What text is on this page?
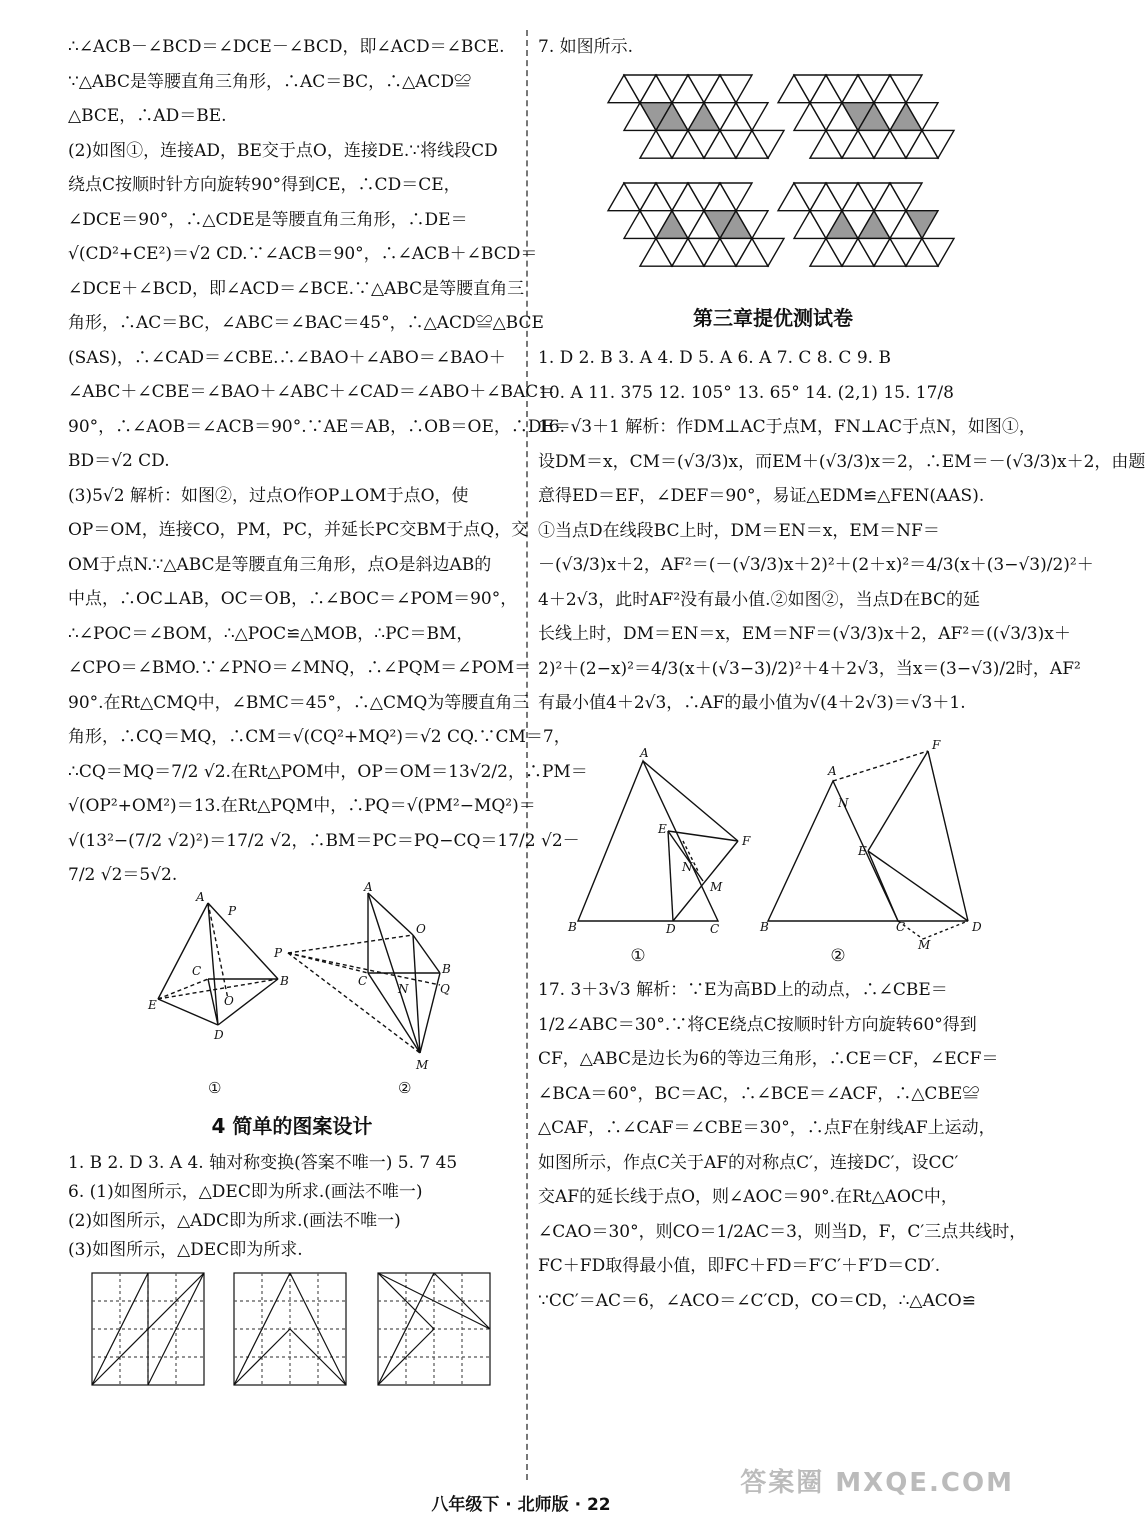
∴∠ACB－∠BCD＝∠DCE－∠BCD，即∠ACD＝∠BCE.
∵△ABC是等腰直角三角形，∴AC＝BC，∴△ACD≌
△BCE，∴AD＝BE.
(2)如图①，连接AD，BE交于点O，连接DE.∵将线段CD
绕点C按顺时针方向旋转90°得到CE，∴CD＝CE，
∠DCE＝90°，∴△CDE是等腰直角三角形，∴DE＝
√(CD²+CE²)＝√2 CD.∵∠ACB＝90°，∴∠ACB＋∠BCD＝
∠DCE＋∠BCD，即∠ACD＝∠BCE.∵△ABC是等腰直角三
角形，∴AC＝BC，∠ABC＝∠BAC＝45°，∴△ACD≌△BCE
(SAS)，∴∠CAD＝∠CBE.∴∠BAO＋∠ABO＝∠BAO＋
∠ABC＋∠CBE＝∠BAO＋∠ABC＋∠CAD＝∠ABO＋∠BAC＝
90°，∴∠AOB＝∠ACB＝90°.∵AE＝AB，∴OB＝OE，∴DE＝
BD＝√2 CD.
(3)5√2 解析：如图②，过点O作OP⊥OM于点O，使
OP＝OM，连接CO，PM，PC，并延长PC交BM于点Q，交
OM于点N.∵△ABC是等腰直角三角形，点O是斜边AB的
中点，∴OC⊥AB，OC＝OB，∴∠BOC＝∠POM＝90°，
∴∠POC＝∠BOM，∴△POC≌△MOB，∴PC＝BM，
∠CPO＝∠BMO.∵∠PNO＝∠MNQ，∴∠PQM＝∠POM＝
90°.在Rt△CMQ中，∠BMC＝45°，∴△CMQ为等腰直角三
角形，∴CQ＝MQ，∴CM＝√(CQ²+MQ²)＝√2 CQ.∵CM＝7，
∴CQ＝MQ＝7/2 √2.在Rt△POM中，OP＝OM＝13√2/2，∴PM＝
√(OP²+OM²)＝13.在Rt△PQM中，∴PQ＝√(PM²−MQ²)＝
√(13²−(7/2 √2)²)＝17/2 √2，∴BM＝PC＝PQ−CQ＝17/2 √2－
7/2 √2＝5√2.
A
P
B
C
E	O
D
A
O
P
B
Q
C
N
M
①	②
4 简单的图案设计
1. B 2. D 3. A 4. 轴对称变换(答案不唯一) 5. 7 45
6. (1)如图所示，△DEC即为所求.(画法不唯一)
(2)如图所示，△ADC即为所求.(画法不唯一)
(3)如图所示，△DEC即为所求.
7. 如图所示.
第三章提优测试卷
1. D 2. B 3. A 4. D 5. A 6. A 7. C 8. C 9. B
10. A 11. 375 12. 105° 13. 65° 14. (2,1) 15. 17/8
16. √3＋1 解析：作DM⊥AC于点M，FN⊥AC于点N，如图①，
设DM＝x，CM＝(√3/3)x，而EM＋(√3/3)x＝2，∴EM＝－(√3/3)x＋2，由题
意得ED＝EF，∠DEF＝90°，易证△EDM≌△FEN(AAS).
①当点D在线段BC上时，DM＝EN＝x，EM＝NF＝
－(√3/3)x＋2，AF²＝(－(√3/3)x＋2)²＋(2＋x)²＝4/3(x＋(3−√3)/2)²＋
4＋2√3，此时AF²没有最小值.②如图②，当点D在BC的延
长线上时，DM＝EN＝x，EM＝NF＝(√3/3)x＋2，AF²＝((√3/3)x＋
2)²＋(2−x)²＝4/3(x＋(√3−3)/2)²＋4＋2√3，当x＝(3−√3)/2时，AF²
有最小值4＋2√3，∴AF的最小值为√(4＋2√3)＝√3＋1.
A
B	C
D
E
F
N
M
A
F
N
E
B	C	D
M
①	②
17. 3＋3√3 解析：∵E为高BD上的动点，∴∠CBE＝
1/2∠ABC＝30°.∵将CE绕点C按顺时针方向旋转60°得到
CF，△ABC是边长为6的等边三角形，∴CE＝CF，∠ECF＝
∠BCA＝60°，BC＝AC，∴∠BCE＝∠ACF，∴△CBE≌
△CAF，∴∠CAF＝∠CBE＝30°，∴点F在射线AF上运动，
如图所示，作点C关于AF的对称点C′，连接DC′，设CC′
交AF的延长线于点O，则∠AOC＝90°.在Rt△AOC中，
∠CAO＝30°，则CO＝1/2AC＝3，则当D，F，C′三点共线时，
FC＋FD取得最小值，即FC＋FD＝F′C′＋F′D＝CD′.
∵CC′＝AC＝6，∠ACO＝∠C′CD，CO＝CD，∴△ACO≌
八年级下 · 北师版 · 22
答案圈 MXQE.COM
